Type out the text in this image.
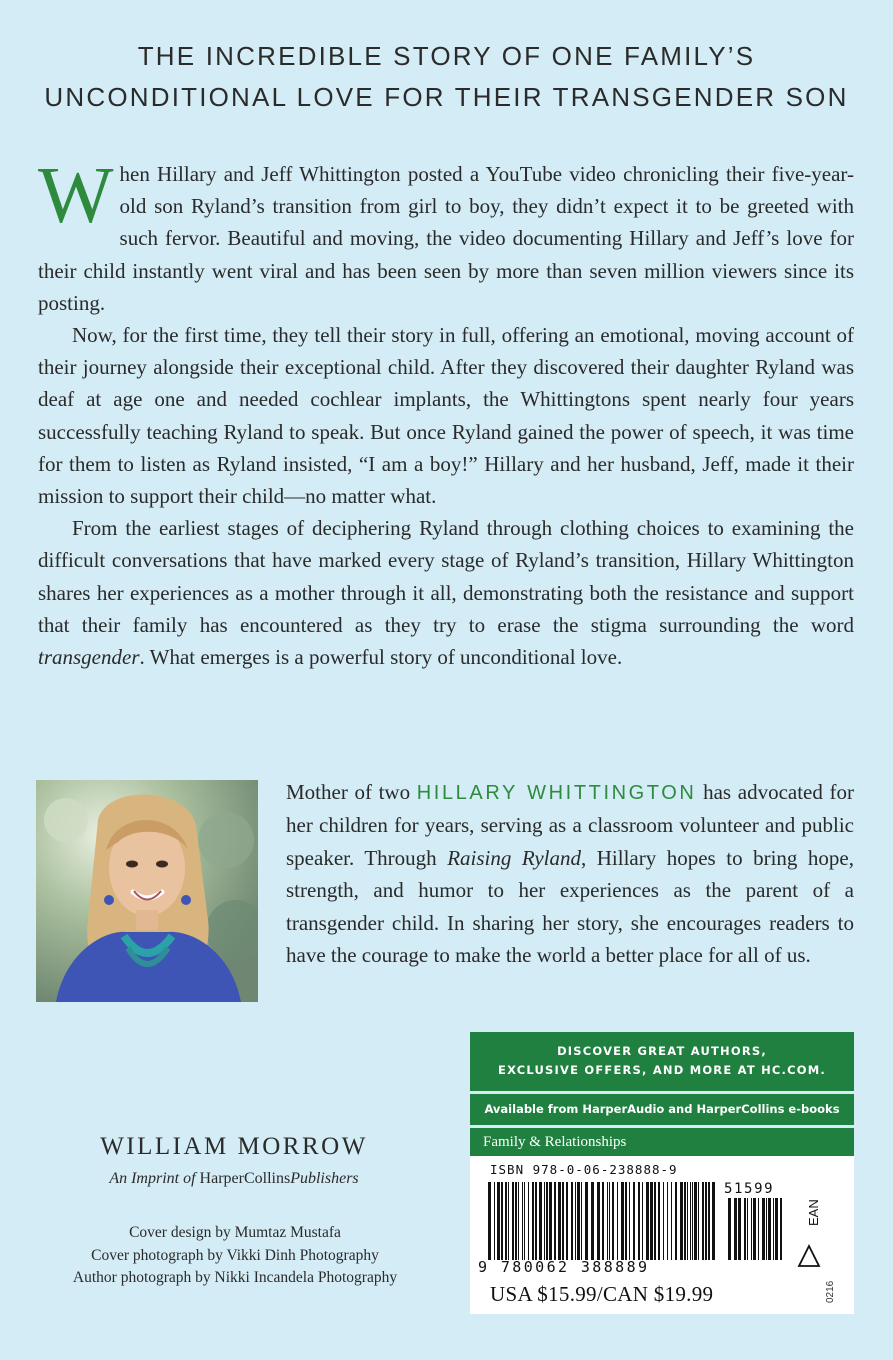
THE INCREDIBLE STORY OF ONE FAMILY’S
UNCONDITIONAL LOVE FOR THEIR TRANSGENDER SON

When Hillary and Jeff Whittington posted a YouTube video chronicling their five-year-old son Ryland’s transition from girl to boy, they didn’t expect it to be greeted with such fervor. Beautiful and moving, the video documenting Hillary and Jeff’s love for their child instantly went viral and has been seen by more than seven million viewers since its posting.

Now, for the first time, they tell their story in full, offering an emotional, moving account of their journey alongside their exceptional child. After they discovered their daughter Ryland was deaf at age one and needed cochlear implants, the Whittingtons spent nearly four years successfully teaching Ryland to speak. But once Ryland gained the power of speech, it was time for them to listen as Ryland insisted, “I am a boy!” Hillary and her husband, Jeff, made it their mission to support their child—no matter what.

From the earliest stages of deciphering Ryland through clothing choices to examining the difficult conversations that have marked every stage of Ryland’s transition, Hillary Whittington shares her experiences as a mother through it all, demonstrating both the resistance and support that their family has encountered as they try to erase the stigma surrounding the word transgender. What emerges is a powerful story of unconditional love.

Mother of two HILLARY WHITTINGTON has advocated for her children for years, serving as a classroom volunteer and public speaker. Through Raising Ryland, Hillary hopes to bring hope, strength, and humor to her experiences as the parent of a transgender child. In sharing her story, she encourages readers to have the courage to make the world a better place for all of us.
WILLIAM MORROW
An Imprint of HarperCollinsPublishers
Cover design by Mumtaz Mustafa
Cover photograph by Vikki Dinh Photography
Author photograph by Nikki Incandela Photography
DISCOVER GREAT AUTHORS,
EXCLUSIVE OFFERS, AND MORE AT HC.COM.
Available from HarperAudio and HarperCollins e-books
Family & Relationships
ISBN 978-0-06-238888-9
51599
9 780062 388889
EAN
USA $15.99/CAN $19.99	0216
